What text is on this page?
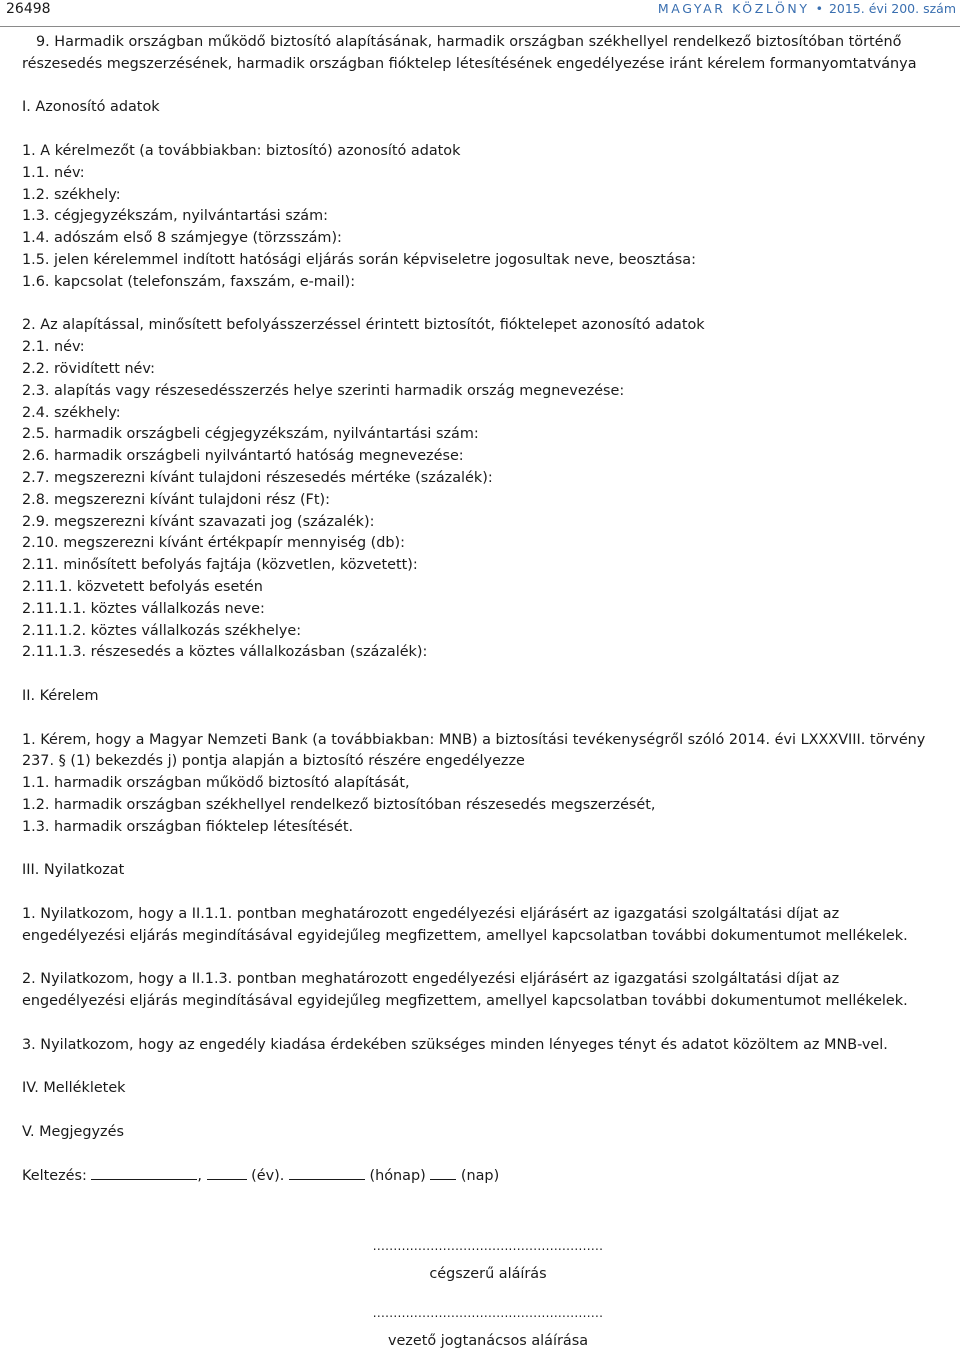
26498	MAGYAR KÖZLÖNY • 2015. évi 200. szám
9. Harmadik országban működő biztosító alapításának, harmadik országban székhellyel rendelkező biztosítóban történő
részesedés megszerzésének, harmadik országban fióktelep létesítésének engedélyezése iránt kérelem formanyomtatványa
I. Azonosító adatok
1. A kérelmezőt (a továbbiakban: biztosító) azonosító adatok
1.1. név:
1.2. székhely:
1.3. cégjegyzékszám, nyilvántartási szám:
1.4. adószám első 8 számjegye (törzsszám):
1.5. jelen kérelemmel indított hatósági eljárás során képviseletre jogosultak neve, beosztása:
1.6. kapcsolat (telefonszám, faxszám, e-mail):
2. Az alapítással, minősített befolyásszerzéssel érintett biztosítót, fióktelepet azonosító adatok
2.1. név:
2.2. rövidített név:
2.3. alapítás vagy részesedésszerzés helye szerinti harmadik ország megnevezése:
2.4. székhely:
2.5. harmadik országbeli cégjegyzékszám, nyilvántartási szám:
2.6. harmadik országbeli nyilvántartó hatóság megnevezése:
2.7. megszerezni kívánt tulajdoni részesedés mértéke (százalék):
2.8. megszerezni kívánt tulajdoni rész (Ft):
2.9. megszerezni kívánt szavazati jog (százalék):
2.10. megszerezni kívánt értékpapír mennyiség (db):
2.11. minősített befolyás fajtája (közvetlen, közvetett):
2.11.1. közvetett befolyás esetén
2.11.1.1. köztes vállalkozás neve:
2.11.1.2. köztes vállalkozás székhelye:
2.11.1.3. részesedés a köztes vállalkozásban (százalék):
II. Kérelem
1. Kérem, hogy a Magyar Nemzeti Bank (a továbbiakban: MNB) a biztosítási tevékenységről szóló 2014. évi LXXXVIII. törvény
237. § (1) bekezdés j) pontja alapján a biztosító részére engedélyezze
1.1. harmadik országban működő biztosító alapítását,
1.2. harmadik országban székhellyel rendelkező biztosítóban részesedés megszerzését,
1.3. harmadik országban fióktelep létesítését.
III. Nyilatkozat
1. Nyilatkozom, hogy a II.1.1. pontban meghatározott engedélyezési eljárásért az igazgatási szolgáltatási díjat az
engedélyezési eljárás megindításával egyidejűleg megfizettem, amellyel kapcsolatban további dokumentumot mellékelek.
2. Nyilatkozom, hogy a II.1.3. pontban meghatározott engedélyezési eljárásért az igazgatási szolgáltatási díjat az
engedélyezési eljárás megindításával egyidejűleg megfizettem, amellyel kapcsolatban további dokumentumot mellékelek.
3. Nyilatkozom, hogy az engedély kiadása érdekében szükséges minden lényeges tényt és adatot közöltem az MNB-vel.
IV. Mellékletek
V. Megjegyzés
Keltezés:	,	(év).	(hónap) (nap)
........................................................
cégszerű aláírás
........................................................
vezető jogtanácsos aláírása
